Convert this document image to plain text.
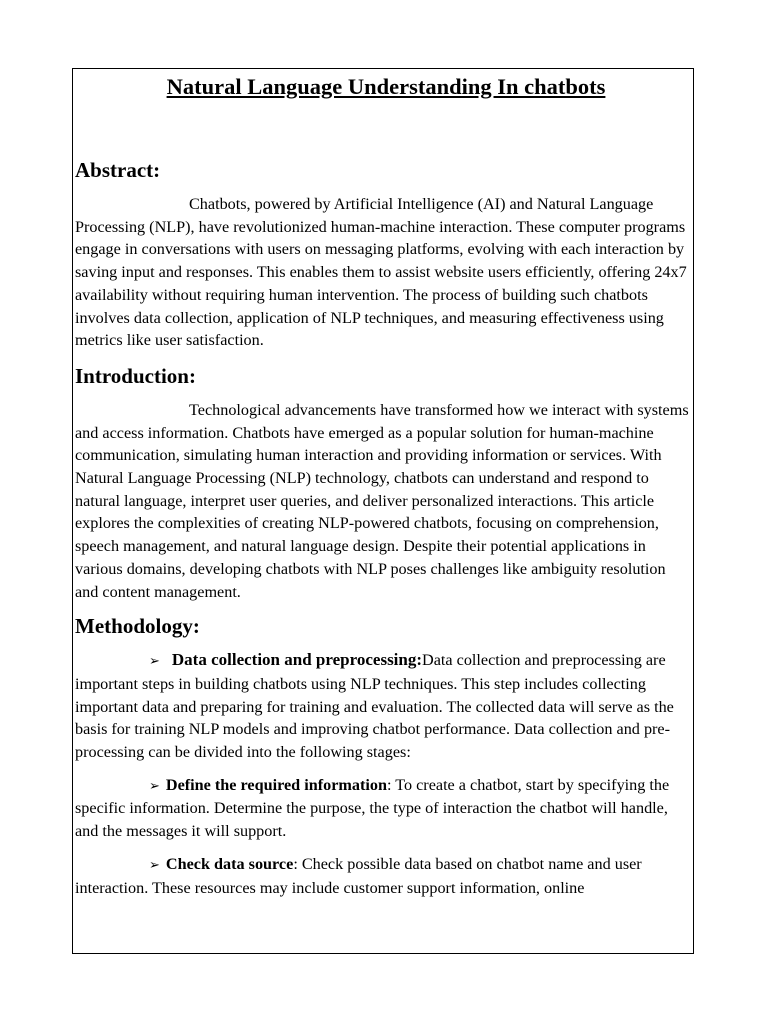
Natural Language Understanding In chatbots
Abstract:

Chatbots, powered by Artificial Intelligence (AI) and Natural Language Processing (NLP), have revolutionized human-machine interaction. These computer programs engage in conversations with users on messaging platforms, evolving with each interaction by saving input and responses. This enables them to assist website users efficiently, offering 24x7 availability without requiring human intervention. The process of building such chatbots involves data collection, application of NLP techniques, and measuring effectiveness using metrics like user satisfaction.

Introduction:

Technological advancements have transformed how we interact with systems and access information. Chatbots have emerged as a popular solution for human-machine communication, simulating human interaction and providing information or services. With Natural Language Processing (NLP) technology, chatbots can understand and respond to natural language, interpret user queries, and deliver personalized interactions. This article explores the complexities of creating NLP-powered chatbots, focusing on comprehension, speech management, and natural language design. Despite their potential applications in various domains, developing chatbots with NLP poses challenges like ambiguity resolution and content management.

Methodology:

➢ Data collection and preprocessing:Data collection and preprocessing are important steps in building chatbots using NLP techniques. This step includes collecting important data and preparing for training and evaluation. The collected data will serve as the basis for training NLP models and improving chatbot performance. Data collection and pre-processing can be divided into the following stages:

➢ Define the required information: To create a chatbot, start by specifying the specific information. Determine the purpose, the type of interaction the chatbot will handle, and the messages it will support.

➢ Check data source: Check possible data based on chatbot name and user interaction. These resources may include customer support information, online
